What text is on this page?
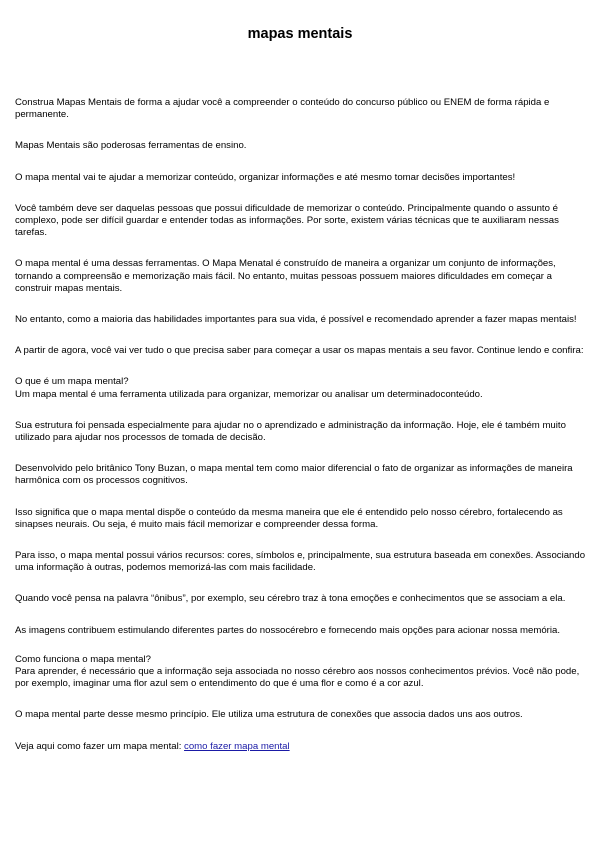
mapas mentais

Construa Mapas Mentais de forma a ajudar você a compreender o conteúdo do concurso público ou ENEM de forma rápida e permanente.

Mapas Mentais são poderosas ferramentas de ensino.

O mapa mental vai te ajudar a memorizar conteúdo, organizar informações e até mesmo tomar decisões importantes!

Você também deve ser daquelas pessoas que possui dificuldade de memorizar o conteúdo. Principalmente quando o assunto é complexo, pode ser difícil guardar e entender todas as informações. Por sorte, existem várias técnicas que te auxiliaram nessas tarefas.

O mapa mental é uma dessas ferramentas. O Mapa Menatal é construído de maneira a organizar um conjunto de informações, tornando a compreensão e memorização mais fácil. No entanto, muitas pessoas possuem maiores dificuldades em começar a construir mapas mentais.

No entanto, como a maioria das habilidades importantes para sua vida, é possível e recomendado aprender a fazer mapas mentais!

A partir de agora, você vai ver tudo o que precisa saber para começar a usar os mapas mentais a seu favor. Continue lendo e confira:

O que é um mapa mental?
Um mapa mental é uma ferramenta utilizada para organizar, memorizar ou analisar um determinadoconteúdo.

Sua estrutura foi pensada especialmente para ajudar no o aprendizado e administração da informação. Hoje, ele é também muito utilizado para ajudar nos processos de tomada de decisão.

Desenvolvido pelo britânico Tony Buzan, o mapa mental tem como maior diferencial o fato de organizar as informações de maneira harmônica com os processos cognitivos.

Isso significa que o mapa mental dispõe o conteúdo da mesma maneira que ele é entendido pelo nosso cérebro, fortalecendo as sinapses neurais. Ou seja, é muito mais fácil memorizar e compreender dessa forma.

Para isso, o mapa mental possui vários recursos: cores, símbolos e, principalmente, sua estrutura baseada em conexões. Associando uma informação à outras, podemos memorizá-las com mais facilidade.

Quando você pensa na palavra “ônibus”, por exemplo, seu cérebro traz à tona emoções e conhecimentos que se associam a ela.

As imagens contribuem estimulando diferentes partes do nossocérebro e fornecendo mais opções para acionar nossa memória.

Como funciona o mapa mental?
Para aprender, é necessário que a informação seja associada no nosso cérebro aos nossos conhecimentos prévios. Você não pode, por exemplo, imaginar uma flor azul sem o entendimento do que é uma flor e como é a cor azul.

O mapa mental parte desse mesmo princípio. Ele utiliza uma estrutura de conexões que associa dados uns aos outros.

Veja aqui como fazer um mapa mental: como fazer mapa mental
